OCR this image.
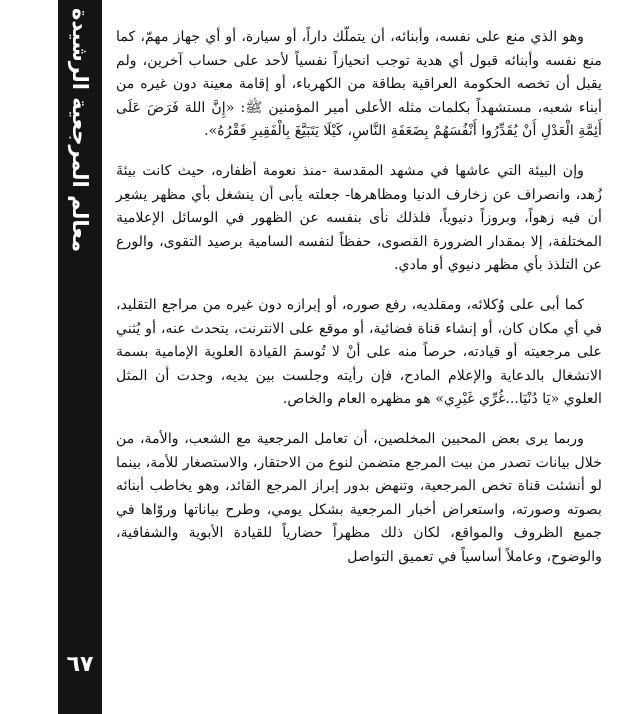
معالم المرجعية الرشيدة
٦٧

وهو الذي منع على نفسه، وأبنائه، أن يتملّك داراً، أو سيارة، أو أي جهاز مهمّ، كما منع نفسه وأبنائه قبول أي هدية توجب انحيازاً نفسياً لأحد على حساب آخرين، ولم يقبل أن تخصه الحكومة العراقية بطاقة من الكهرباء، أو إقامة معينة دون غيره من أبناء شعبه، مستشهداً بكلمات مثله الأعلى أمير المؤمنين ﷺ: «إِنَّ اللهَ فَرَضَ عَلَى أَئِمَّةِ الْعَدْلِ أَنْ يُقَدِّرُوا أَنْفُسَهُمْ بِضَعَفَةِ النَّاسِ، كَيْلَا يَتَبَيَّغَ بِالْفَقِيرِ فَقْرُهُ».

وإن البيئة التي عاشها في مشهد المقدسة -منذ نعومة أظفاره، حيث كانت بيئةَ زُهد، وانصراف عن زخارف الدنيا ومظاهرها- جعلته يأبى أن ينشغل بأي مظهر يشعِر أن فيه زهواً، وبروزاً دنيوياً، فلذلك نأى بنفسه عن الظهور في الوسائل الإعلامية المختلفة، إلا بمقدار الضرورة القصوى، حفظاً لنفسه السامية برصيد التقوى، والورع عن التلذذ بأي مظهر دنيوي أو مادي.

كما أبى على وُكلائه، ومقلديه، رفع صوره، أو إبرازه دون غيره من مراجع التقليد، في أي مكان كان، أو إنشاء قناة فضائية، أو موقع على الانترنت، يتحدث عنه، أو يُثني على مرجعيته أو قيادته، حرصاً منه على أنْ لا تُوسمَ القيادة العلوية الإمامية بسمة الانشغال بالدعاية والإعلام المادح، فإن رأيته وجلست بين يديه، وجدت أن المثل العلوي «يَا دُنْيَا...غُرِّي غَيْرِي» هو مظهره العام والخاص.

وربما يرى بعض المحبين المخلصين، أن تعامل المرجعية مع الشعب، والأمة، من خلال بيانات تصدر من بيت المرجع متضمن لنوع من الاحتقار، والاستصغار للأمة، بينما لو أنشئت قناة تخص المرجعية، وتنهض بدور إبراز المرجع القائد، وهو يخاطب أبنائه بصوته وصورته، واستعراض أخبار المرجعية بشكل يومي، وطرح بياناتها وروّاها في جميع الظروف والمواقع، لكان ذلك مظهراً حضارياً للقيادة الأبوية والشفافية، والوضوح، وعاملاً أساسياً في تعميق التواصل
